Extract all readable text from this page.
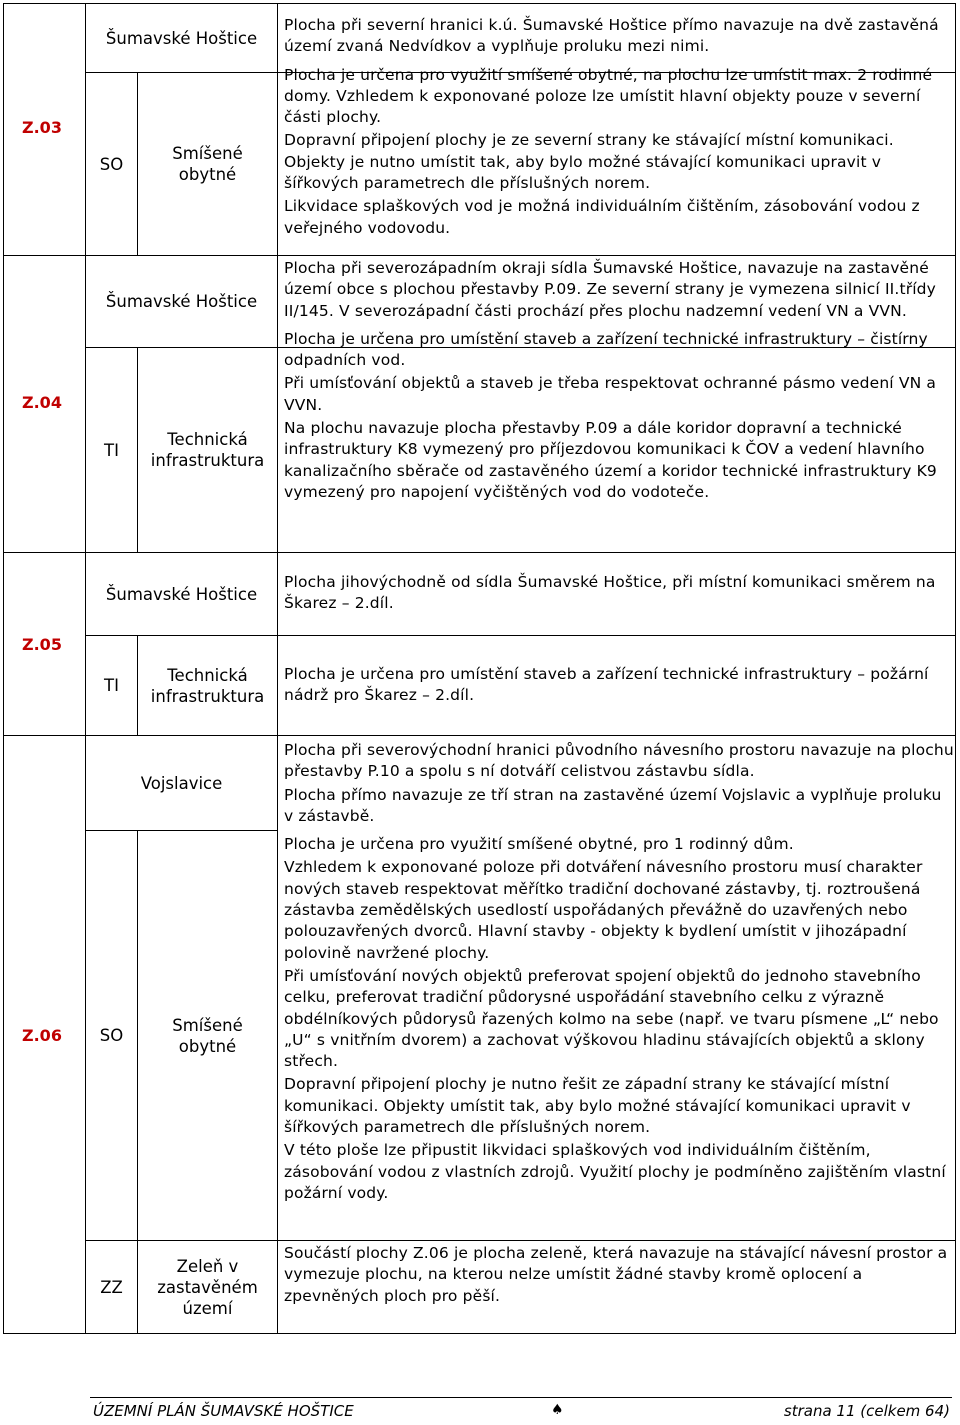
Z.03
Šumavské Hoštice
SO
Smíšené obytné

Plocha při severní hranici k.ú. Šumavské Hoštice přímo navazuje na dvě zastavěná území zvaná Nedvídkov a vyplňuje proluku mezi nimi.

Plocha je určena pro využití smíšené obytné, na plochu lze umístit max. 2 rodinné domy. Vzhledem k exponované poloze lze umístit hlavní objekty pouze v severní části plochy.

Dopravní připojení plochy je ze severní strany ke stávající místní komunikaci. Objekty je nutno umístit tak, aby bylo možné stávající komunikaci upravit v šířkových parametrech dle příslušných norem.

Likvidace splaškových vod je možná individuálním čištěním, zásobování vodou z veřejného vodovodu.

Z.04
Šumavské Hoštice
TI
Technická infrastruktura

Plocha při severozápadním okraji sídla Šumavské Hoštice, navazuje na zastavěné území obce s plochou přestavby P.09. Ze severní strany je vymezena silnicí II.třídy II/145. V severozápadní části prochází přes plochu nadzemní vedení VN a VVN.

Plocha je určena pro umístění staveb a zařízení technické infrastruktury – čistírny odpadních vod.

Při umísťování objektů a staveb je třeba respektovat ochranné pásmo vedení VN a VVN.

Na plochu navazuje plocha přestavby P.09 a dále koridor dopravní a technické infrastruktury K8 vymezený pro příjezdovou komunikaci k ČOV a vedení hlavního kanalizačního sběrače od zastavěného území a koridor technické infrastruktury K9 vymezený pro napojení vyčištěných vod do vodoteče.

Z.05
Šumavské Hoštice
TI
Technická infrastruktura

Plocha jihovýchodně od sídla Šumavské Hoštice, při místní komunikaci směrem na Škarez – 2.díl.

Plocha je určena pro umístění staveb a zařízení technické infrastruktury – požární nádrž pro Škarez – 2.díl.

Z.06
Vojslavice
SO
Smíšené obytné

Plocha při severovýchodní hranici původního návesního prostoru navazuje na plochu přestavby P.10 a spolu s ní dotváří celistvou zástavbu sídla.

Plocha přímo navazuje ze tří stran na zastavěné území Vojslavic a vyplňuje proluku v zástavbě.

Plocha je určena pro využití smíšené obytné, pro 1 rodinný dům.

Vzhledem k exponované poloze při dotváření návesního prostoru musí charakter nových staveb respektovat měřítko tradiční dochované zástavby, tj. roztroušená zástavba zemědělských usedlostí uspořádaných převážně do uzavřených nebo polouzavřených dvorců. Hlavní stavby - objekty k bydlení umístit v jihozápadní polovině navržené plochy.

Při umísťování nových objektů preferovat spojení objektů do jednoho stavebního celku, preferovat tradiční půdorysné uspořádání stavebního celku z výrazně obdélníkových půdorysů řazených kolmo na sebe (např. ve tvaru písmene „L“ nebo „U“ s vnitřním dvorem) a zachovat výškovou hladinu stávajících objektů a sklony střech.

Dopravní připojení plochy je nutno řešit ze západní strany ke stávající místní komunikaci. Objekty umístit tak, aby bylo možné stávající komunikaci upravit v šířkových parametrech dle příslušných norem.

V této ploše lze připustit likvidaci splaškových vod individuálním čištěním, zásobování vodou z vlastních zdrojů. Využití plochy je podmíněno zajištěním vlastní požární vody.

ZZ
Zeleň v zastavěném území

Součástí plochy Z.06 je plocha zeleně, která navazuje na stávající návesní prostor a vymezuje plochu, na kterou nelze umístit žádné stavby kromě oplocení a zpevněných ploch pro pěší.

ÚZEMNÍ PLÁN ŠUMAVSKÉ HOŠTICE	♠	strana 11 (celkem 64)
